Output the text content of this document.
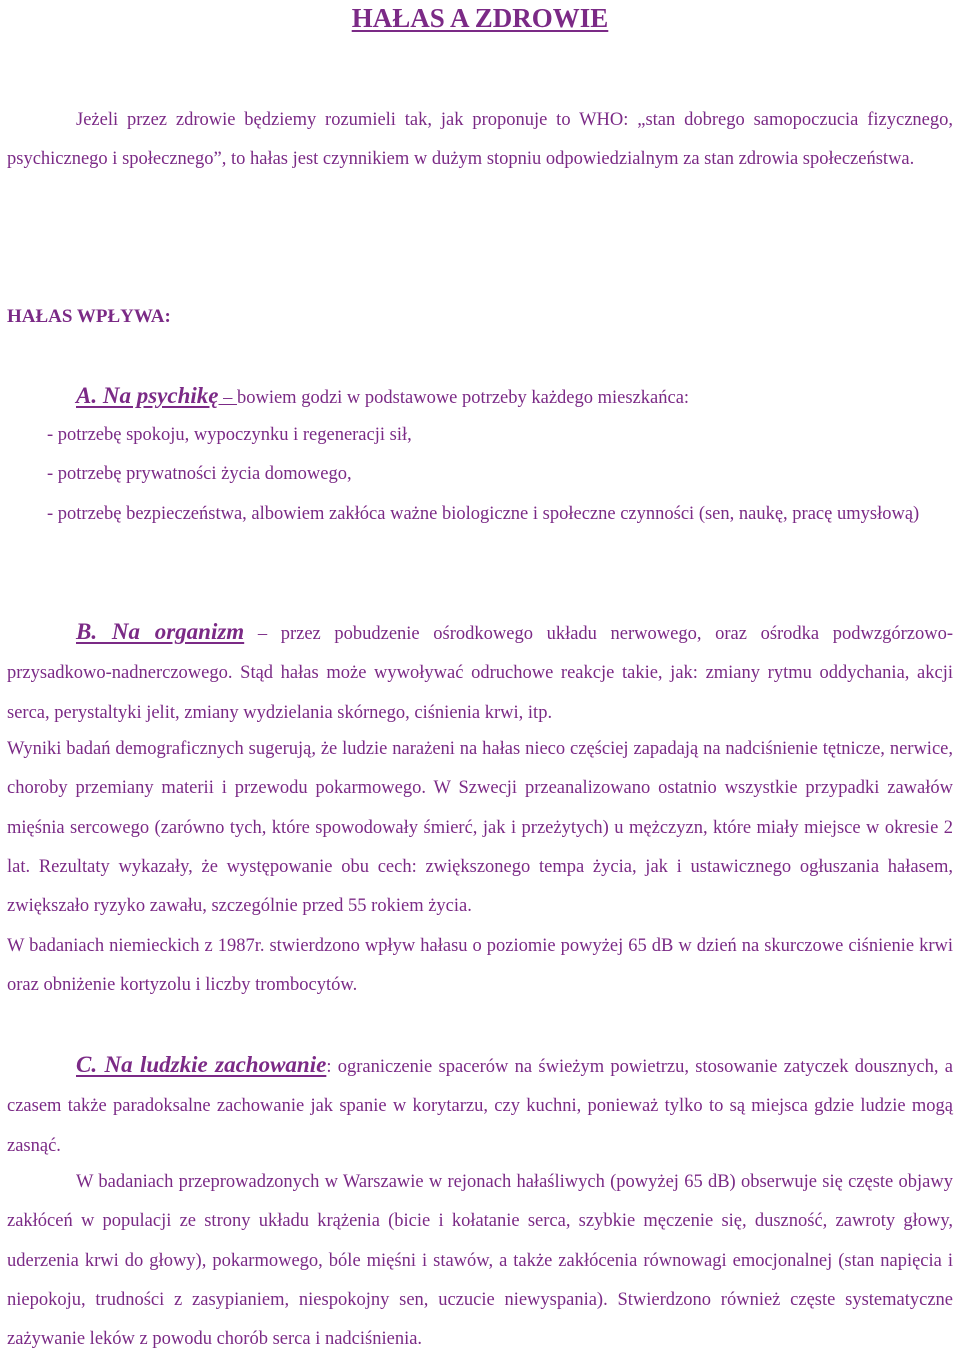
HAŁAS A ZDROWIE

Jeżeli przez zdrowie będziemy rozumieli tak, jak proponuje to WHO: „stan dobrego samopoczucia fizycznego, psychicznego i społecznego”, to hałas jest czynnikiem w dużym stopniu odpowiedzialnym za stan zdrowia społeczeństwa.

HAŁAS WPŁYWA:

A. Na psychikę – bowiem godzi w podstawowe potrzeby każdego mieszkańca:

- potrzebę spokoju, wypoczynku i regeneracji sił,

- potrzebę prywatności życia domowego,

- potrzebę bezpieczeństwa, albowiem zakłóca ważne biologiczne i społeczne czynności (sen, naukę, pracę umysłową)

B. Na organizm – przez pobudzenie ośrodkowego układu nerwowego, oraz ośrodka podwzgórzowo-przysadkowo-nadnerczowego. Stąd hałas może wywoływać odruchowe reakcje takie, jak: zmiany rytmu oddychania, akcji serca, perystaltyki jelit, zmiany wydzielania skórnego, ciśnienia krwi, itp.

Wyniki badań demograficznych sugerują, że ludzie narażeni na hałas nieco częściej zapadają na nadciśnienie tętnicze, nerwice, choroby przemiany materii i przewodu pokarmowego. W Szwecji przeanalizowano ostatnio wszystkie przypadki zawałów mięśnia sercowego (zarówno tych, które spowodowały śmierć, jak i przeżytych) u mężczyzn, które miały miejsce w okresie 2 lat. Rezultaty wykazały, że występowanie obu cech: zwiększonego tempa życia, jak i ustawicznego ogłuszania hałasem, zwiększało ryzyko zawału, szczególnie przed 55 rokiem życia.

W badaniach niemieckich z 1987r. stwierdzono wpływ hałasu o poziomie powyżej 65 dB w dzień na skurczowe ciśnienie krwi oraz obniżenie kortyzolu i liczby trombocytów.

C. Na ludzkie zachowanie: ograniczenie spacerów na świeżym powietrzu, stosowanie zatyczek dousznych, a czasem także paradoksalne zachowanie jak spanie w korytarzu, czy kuchni, ponieważ tylko to są miejsca gdzie ludzie mogą zasnąć.

W badaniach przeprowadzonych w Warszawie w rejonach hałaśliwych (powyżej 65 dB) obserwuje się częste objawy zakłóceń w populacji ze strony układu krążenia (bicie i kołatanie serca, szybkie męczenie się, duszność, zawroty głowy, uderzenia krwi do głowy), pokarmowego, bóle mięśni i stawów, a także zakłócenia równowagi emocjonalnej (stan napięcia i niepokoju, trudności z zasypianiem, niespokojny sen, uczucie niewyspania). Stwierdzono również częste systematyczne zażywanie leków z powodu chorób serca i nadciśnienia.
